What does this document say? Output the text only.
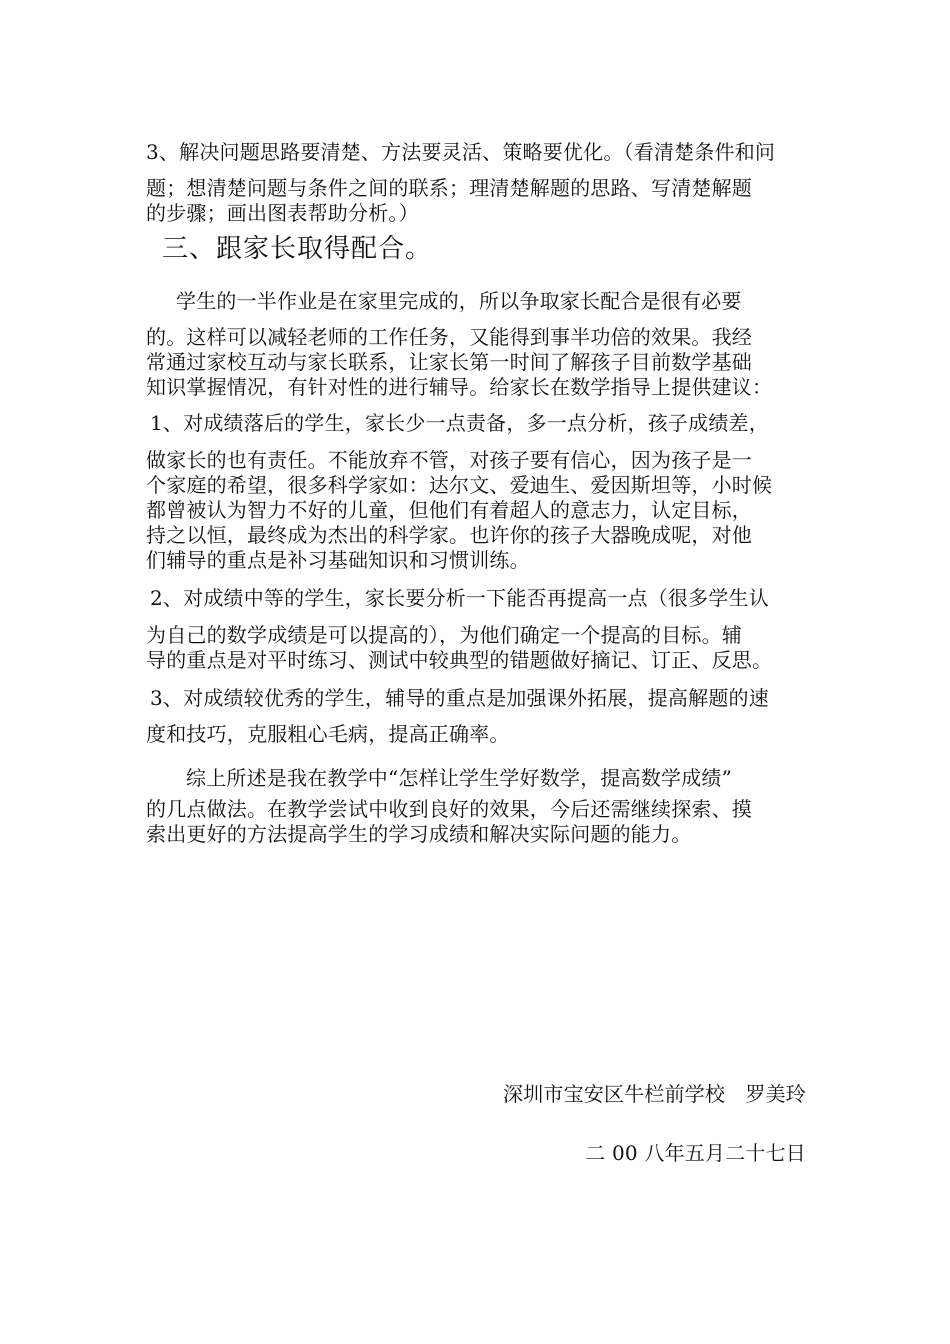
3、解决问题思路要清楚、方法要灵活、策略要优化。（看清楚条件和问
题；想清楚问题与条件之间的联系；理清楚解题的思路、写清楚解题
的步骤；画出图表帮助分析。）
三、跟家长取得配合。
学生的一半作业是在家里完成的，所以争取家长配合是很有必要
的。这样可以减轻老师的工作任务，又能得到事半功倍的效果。我经
常通过家校互动与家长联系，让家长第一时间了解孩子目前数学基础
知识掌握情况，有针对性的进行辅导。给家长在数学指导上提供建议：
1、对成绩落后的学生，家长少一点责备，多一点分析，孩子成绩差，
做家长的也有责任。不能放弃不管，对孩子要有信心，因为孩子是一
个家庭的希望，很多科学家如：达尔文、爱迪生、爱因斯坦等，小时候
都曾被认为智力不好的儿童，但他们有着超人的意志力，认定目标，
持之以恒，最终成为杰出的科学家。也许你的孩子大器晚成呢，对他
们辅导的重点是补习基础知识和习惯训练。
2、对成绩中等的学生，家长要分析一下能否再提高一点（很多学生认
为自己的数学成绩是可以提高的），为他们确定一个提高的目标。辅
导的重点是对平时练习、测试中较典型的错题做好摘记、订正、反思。
3、对成绩较优秀的学生，辅导的重点是加强课外拓展，提高解题的速
度和技巧，克服粗心毛病，提高正确率。
综上所述是我在教学中“怎样让学生学好数学，提高数学成绩”
的几点做法。在教学尝试中收到良好的效果，今后还需继续探索、摸
索出更好的方法提高学生的学习成绩和解决实际问题的能力。
深圳市宝安区牛栏前学校　罗美玲
二 00 八年五月二十七日
